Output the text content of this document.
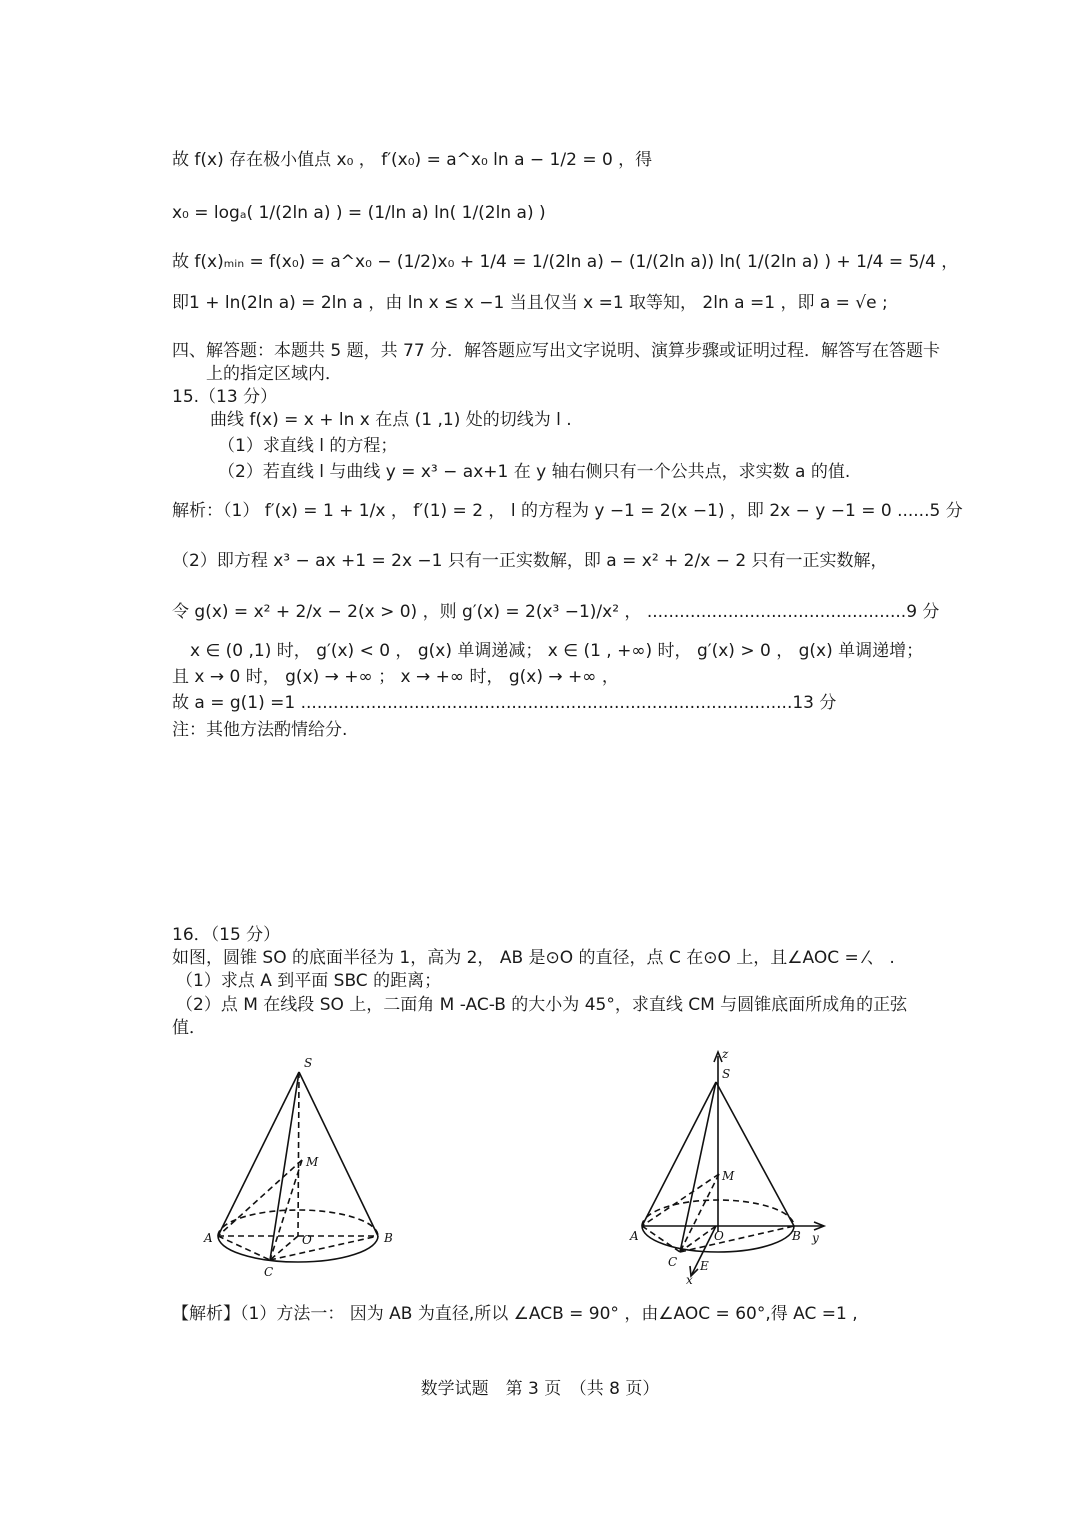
故 f(x) 存在极小值点 x₀ ， f′(x₀) = a^x₀ ln a − 1/2 = 0 ，得
x₀ = logₐ( 1/(2ln a) ) = (1/ln a) ln( 1/(2ln a) )
故 f(x)ₘᵢₙ = f(x₀) = a^x₀ − (1/2)x₀ + 1/4 = 1/(2ln a) − (1/(2ln a)) ln( 1/(2ln a) ) + 1/4 = 5/4 ，
即1 + ln(2ln a) = 2ln a ，由 ln x ≤ x −1 当且仅当 x =1 取等知， 2ln a =1 ，即 a = √e ;
四、解答题：本题共 5 题，共 77 分．解答题应写出文字说明、演算步骤或证明过程．解答写在答题卡
上的指定区域内．
15.（13 分）
曲线 f(x) = x + ln x 在点 (1 ,1) 处的切线为 l .
（1）求直线 l 的方程；
（2）若直线 l 与曲线 y = x³ − ax+1 在 y 轴右侧只有一个公共点，求实数 a 的值.
解析：（1） f′(x) = 1 + 1/x ， f′(1) = 2 ， l 的方程为 y −1 = 2(x −1) ，即 2x − y −1 = 0 ......5 分
（2）即方程 x³ − ax +1 = 2x −1 只有一正实数解，即 a = x² + 2/x − 2 只有一正实数解，
令 g(x) = x² + 2/x − 2(x > 0) ，则 g′(x) = 2(x³ −1)/x² ， ................................................9 分
x ∈ (0 ,1) 时， g′(x) < 0 ， g(x) 单调递减； x ∈ (1 , +∞) 时， g′(x) > 0 ， g(x) 单调递增；
且 x → 0 时， g(x) → +∞ ； x → +∞ 时， g(x) → +∞ ，
故 a = g(1) =1 ...........................................................................................13 分
注：其他方法酌情给分.
16．（15 分）
如图，圆锥 SO 的底面半径为 1，高为 2， AB 是⊙O 的直径，点 C 在⊙O 上，且∠AOC = ⁄、 .
（1）求点 A 到平面 SBC 的距离；
（2）点 M 在线段 SO 上，二面角 M -AC-B 的大小为 45°，求直线 CM 与圆锥底面所成角的正弦
值．
S
M
A	O	B
C
z
S
M
A	O	B y
C E
x
【解析】（1）方法一： 因为 AB 为直径,所以 ∠ACB = 90° ，由∠AOC = 60°,得 AC =1 ,
数学试题　第 3 页　（共 8 页）
